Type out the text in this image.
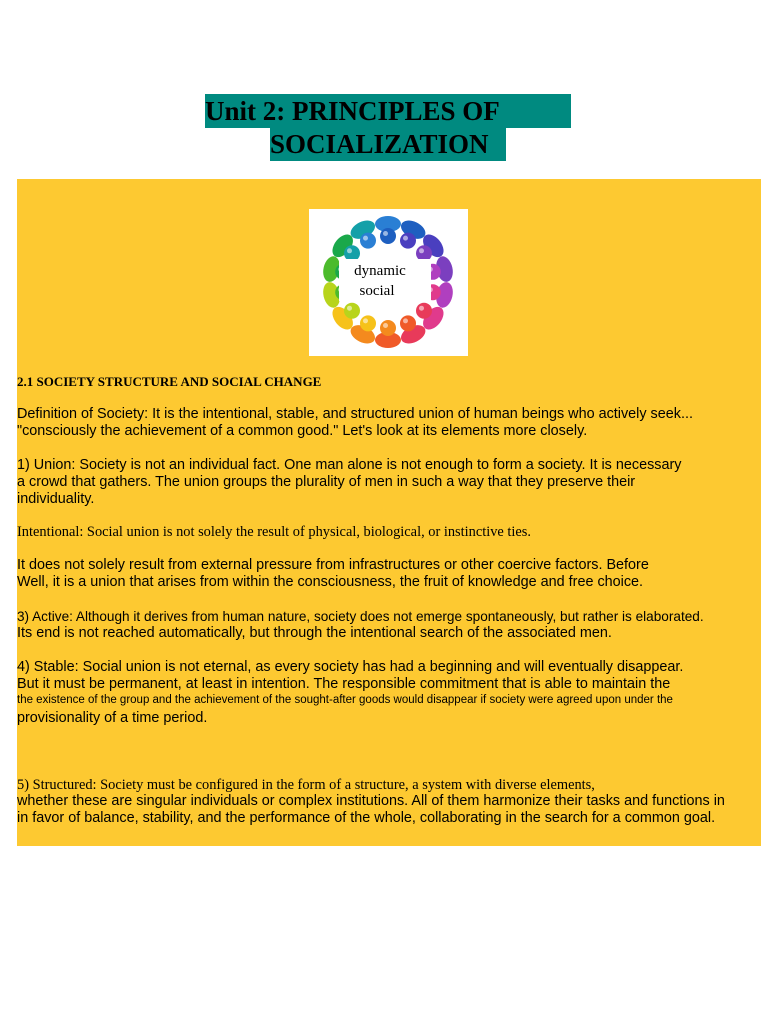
Unit 2: PRINCIPLES OF
SOCIALIZATION
dynamic
social
2.1 SOCIETY STRUCTURE AND SOCIAL CHANGE
Definition of Society: It is the intentional, stable, and structured union of human beings who actively seek...
"consciously the achievement of a common good." Let's look at its elements more closely.
1) Union: Society is not an individual fact. One man alone is not enough to form a society. It is necessary
a crowd that gathers. The union groups the plurality of men in such a way that they preserve their
individuality.
Intentional: Social union is not solely the result of physical, biological, or instinctive ties.
It does not solely result from external pressure from infrastructures or other coercive factors. Before
Well, it is a union that arises from within the consciousness, the fruit of knowledge and free choice.
3) Active: Although it derives from human nature, society does not emerge spontaneously, but rather is elaborated.
Its end is not reached automatically, but through the intentional search of the associated men.
4) Stable: Social union is not eternal, as every society has had a beginning and will eventually disappear.
But it must be permanent, at least in intention. The responsible commitment that is able to maintain the
the existence of the group and the achievement of the sought-after goods would disappear if society were agreed upon under the
provisionality of a time period.
5) Structured: Society must be configured in the form of a structure, a system with diverse elements,
whether these are singular individuals or complex institutions. All of them harmonize their tasks and functions in
in favor of balance, stability, and the performance of the whole, collaborating in the search for a common goal.
